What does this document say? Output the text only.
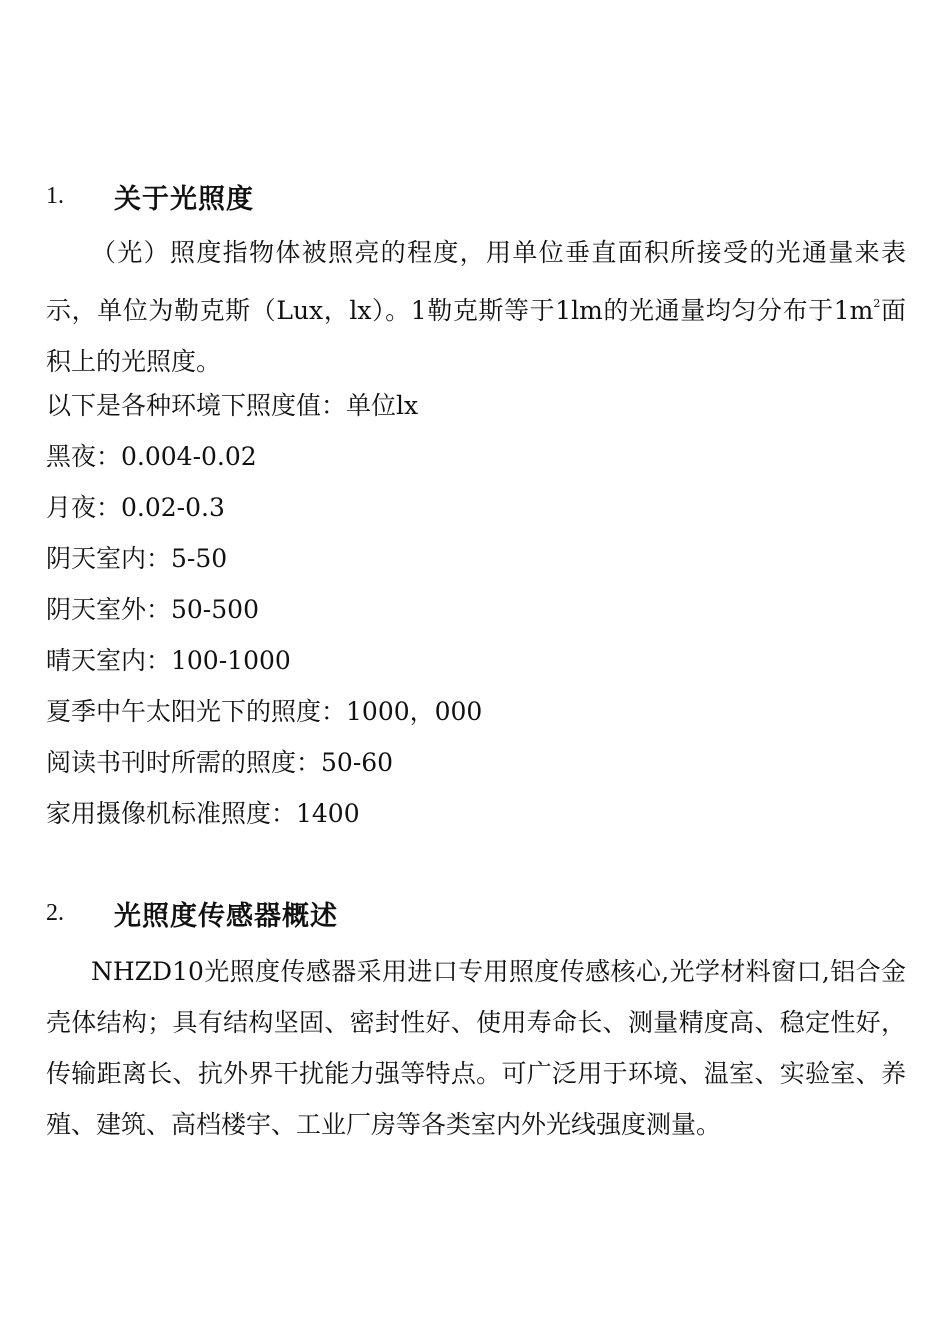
1.	关于光照度

（光）照度指物体被照亮的程度，用单位垂直面积所接受的光通量来表示，单位为勒克斯（Lux，lx）。1勒克斯等于1lm的光通量均匀分布于$1m^2$面积上的光照度。

以下是各种环境下照度值：单位lx
黑夜：0.004-0.02
月夜：0.02-0.3
阴天室内：5-50
阴天室外：50-500
晴天室内：100-1000
夏季中午太阳光下的照度：1000，000
阅读书刊时所需的照度：50-60
家用摄像机标准照度：1400
2.	光照度传感器概述

NHZD10光照度传感器采用进口专用照度传感核心,光学材料窗口,铝合金壳体结构；具有结构坚固、密封性好、使用寿命长、测量精度高、稳定性好，传输距离长、抗外界干扰能力强等特点。可广泛用于环境、温室、实验室、养殖、建筑、高档楼宇、工业厂房等各类室内外光线强度测量。
